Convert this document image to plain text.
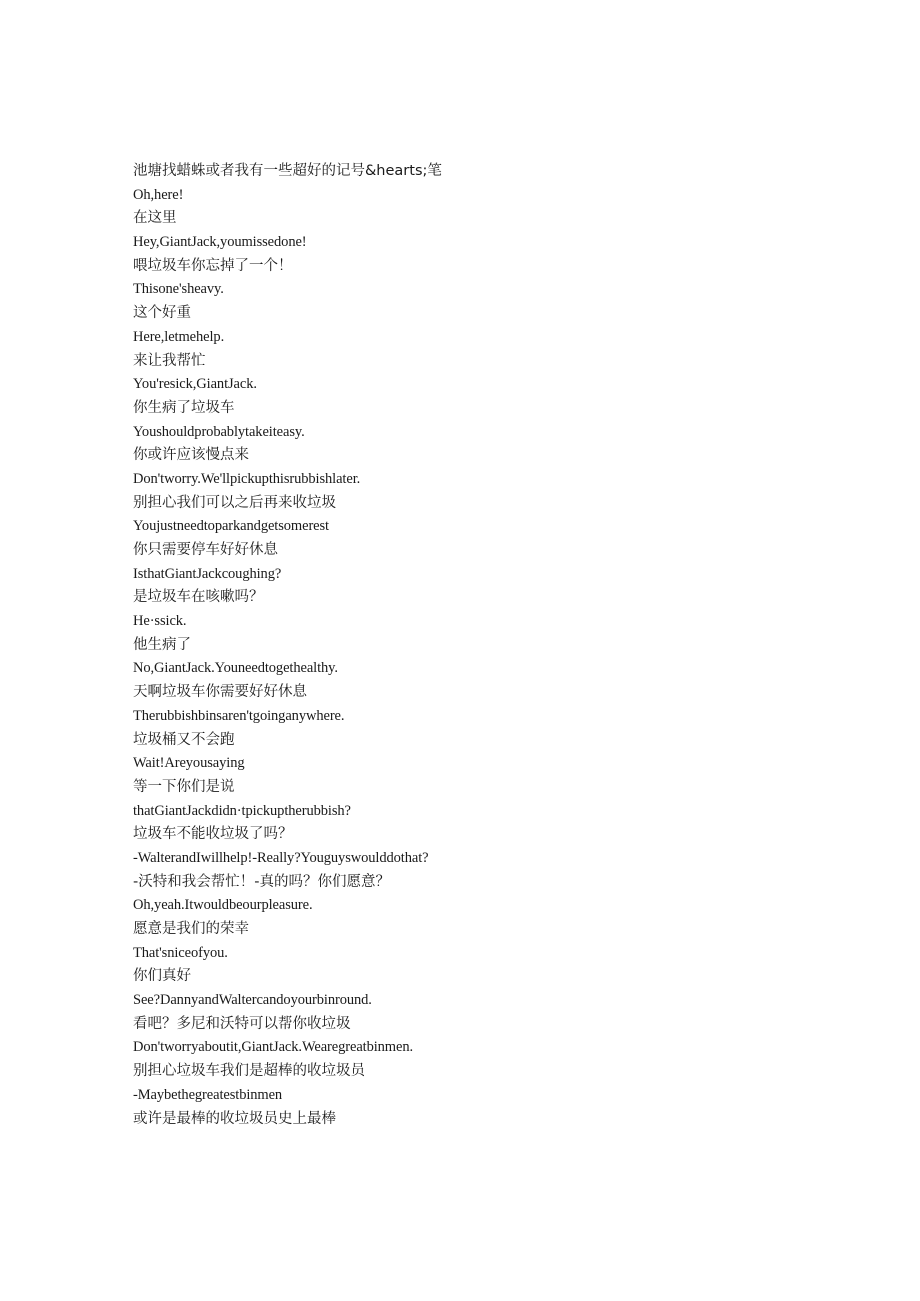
池塘找蜡蛛或者我有一些超好的记号&hearts;笔
Oh,here!
在这里
Hey,GiantJack,youmissedone!
喂垃圾车你忘掉了一个！
Thisone'sheavy.
这个好重
Here,letmehelp.
来让我帮忙
You'resick,GiantJack.
你生病了垃圾车
Youshouldprobablytakeiteasy.
你或许应该慢点来
Don'tworry.We'llpickupthisrubbishlater.
别担心我们可以之后再来收垃圾
Youjustneedtoparkandgetsomerest
你只需要停车好好休息
IsthatGiantJackcoughing?
是垃圾车在咳嗽吗？
He·ssick.
他生病了
No,GiantJack.Youneedtogethealthy.
天啊垃圾车你需要好好休息
Therubbishbinsaren'tgoinganywhere.
垃圾桶又不会跑
Wait!Areyousaying
等一下你们是说
thatGiantJackdidn·tpickuptherubbish?
垃圾车不能收垃圾了吗？
-WalterandIwillhelp!-Really?Youguyswoulddothat?
-沃特和我会帮忙！-真的吗？你们愿意？
Oh,yeah.Itwouldbeourpleasure.
愿意是我们的荣幸
That'sniceofyou.
你们真好
See?DannyandWaltercandoyourbinround.
看吧？多尼和沃特可以帮你收垃圾
Don'tworryaboutit,GiantJack.Wearegreatbinmen.
别担心垃圾车我们是超棒的收垃圾员
-Maybethegreatestbinmen
或许是最棒的收垃圾员史上最棒
